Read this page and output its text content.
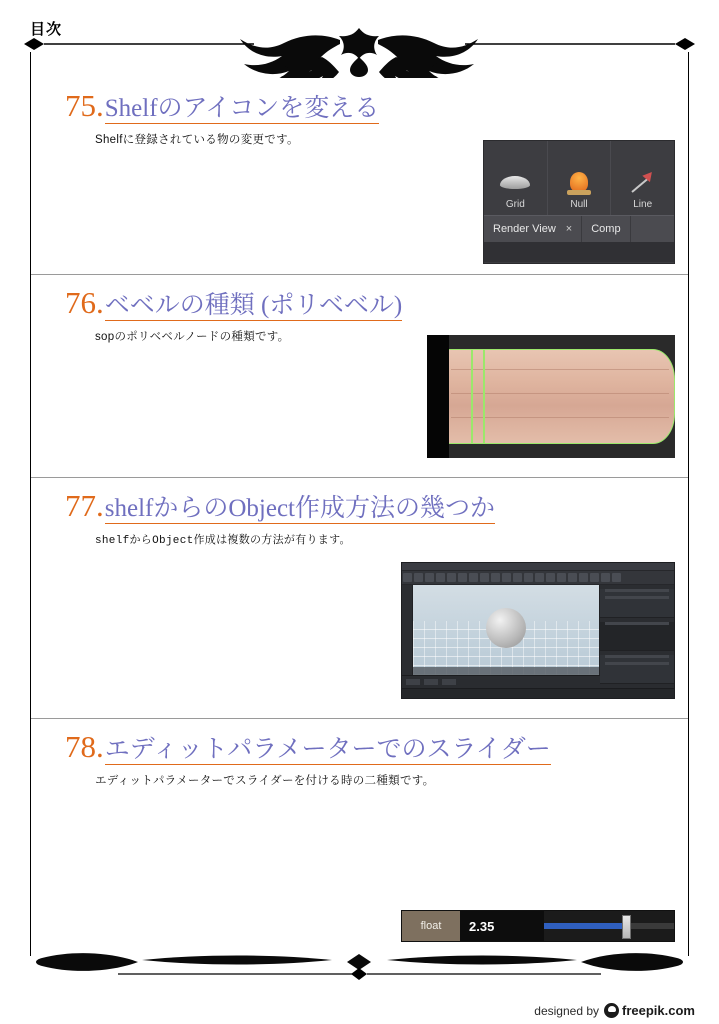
目次
75. Shelfのアイコンを変える
Shelfに登録されている物の変更です。
Grid	Null	Line
Render View × Comp
76. ベベルの種類 (ポリベベル)
sopのポリベベルノードの種類です。
77. shelfからのObject作成方法の幾つか
shelfからObject作成は複数の方法が有ります。
78. エディットパラメーターでのスライダー
エディットパラメーターでスライダーを付ける時の二種類です。
float	2.35
designed by freepik.com
